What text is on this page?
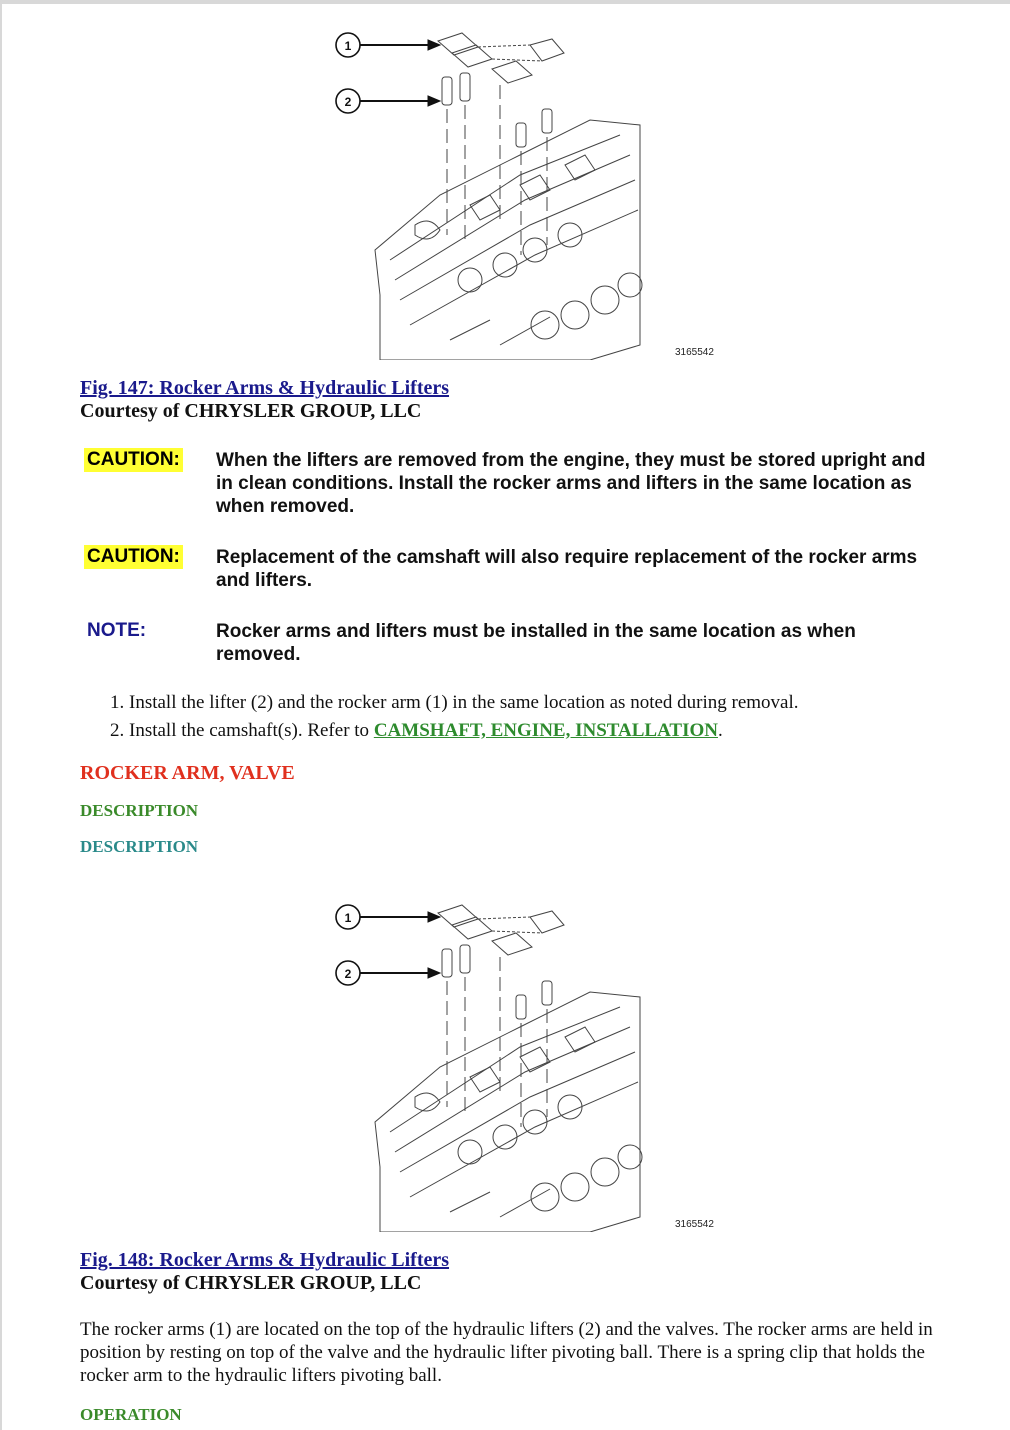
1
2
3165542
Fig. 147: Rocker Arms & Hydraulic Lifters
Courtesy of CHRYSLER GROUP, LLC
CAUTION: When the lifters are removed from the engine, they must be stored upright and in clean conditions. Install the rocker arms and lifters in the same location as when removed.
CAUTION: Replacement of the camshaft will also require replacement of the rocker arms and lifters.
NOTE:	Rocker arms and lifters must be installed in the same location as when removed.
1. Install the lifter (2) and the rocker arm (1) in the same location as noted during removal.
2. Install the camshaft(s). Refer to CAMSHAFT, ENGINE, INSTALLATION.
ROCKER ARM, VALVE
DESCRIPTION
DESCRIPTION
1
2
3165542
Fig. 148: Rocker Arms & Hydraulic Lifters
Courtesy of CHRYSLER GROUP, LLC
The rocker arms (1) are located on the top of the hydraulic lifters (2) and the valves. The rocker arms are held in position by resting on top of the valve and the hydraulic lifter pivoting ball. There is a spring clip that holds the rocker arm to the hydraulic lifters pivoting ball.
OPERATION
